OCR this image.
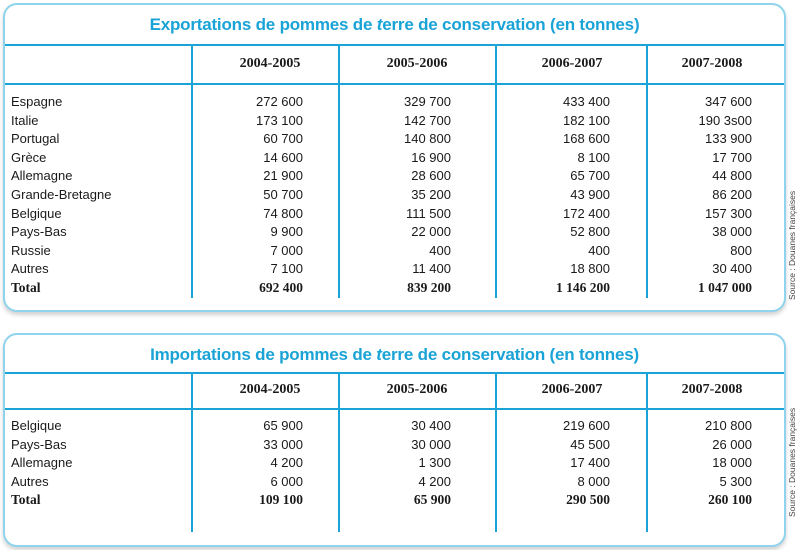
Exportations de pommes de terre de conservation (en tonnes)
2004-2005	2005-2006	2006-2007	2007-2008
Espagne	272 600	329 700	433 400	347 600
Italie	173 100	142 700	182 100	190 3s00
Portugal	60 700	140 800	168 600	133 900
Grèce	14 600	16 900	8 100	17 700
Allemagne	21 900	28 600	65 700	44 800
Grande-Bretagne	50 700	35 200	43 900	86 200
Belgique	74 800	111 500	172 400	157 300
Pays-Bas	9 900	22 000	52 800	38 000
Russie	7 000	400	400	800
Autres	7 100	11 400	18 800	30 400
Total	692 400	839 200	1 146 200	1 047 000	Source : Douanes françaises
Importations de pommes de terre de conservation (en tonnes)
2004-2005	2005-2006	2006-2007	2007-2008
Belgique	65 900	30 400	219 600	210 800
Pays-Bas	33 000	30 000	45 500	26 000
Allemagne	4 200	1 300	17 400	18 000
Autres	6 000	4 200	8 000	5 300
Total	109 100	65 900	290 500	260 100	Source : Douanes françaises
